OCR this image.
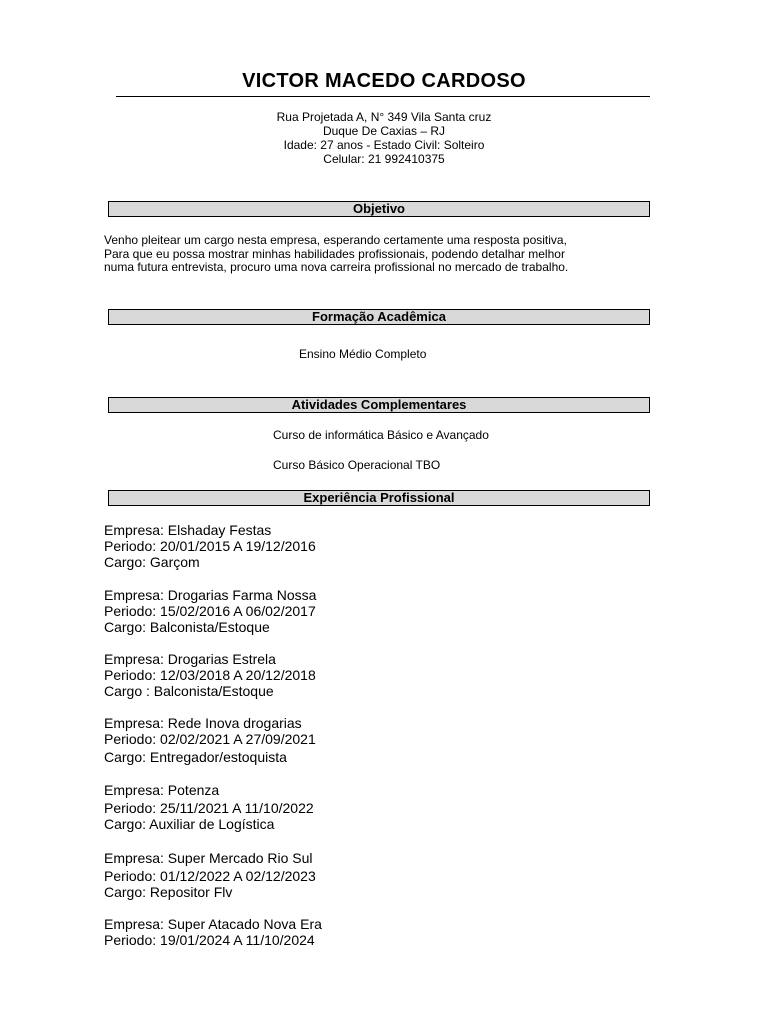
VICTOR MACEDO CARDOSO
Rua Projetada A, N° 349 Vila Santa cruz
Duque De Caxias – RJ
Idade: 27 anos - Estado Civil: Solteiro
Celular: 21 992410375
Objetivo
Venho pleitear um cargo nesta empresa, esperando certamente uma resposta positiva,
Para que eu possa mostrar minhas habilidades profissionais, podendo detalhar melhor
numa futura entrevista, procuro uma nova carreira profissional no mercado de trabalho.
Formação Acadêmica
Ensino Médio Completo
Atividades Complementares
Curso de informática Básico e Avançado
Curso Básico Operacional TBO
Experiência Profissional
Empresa: Elshaday Festas
Periodo: 20/01/2015 A 19/12/2016
Cargo: Garçom
Empresa: Drogarias Farma Nossa
Periodo: 15/02/2016 A 06/02/2017
Cargo: Balconista/Estoque
Empresa: Drogarias Estrela
Periodo: 12/03/2018 A 20/12/2018
Cargo : Balconista/Estoque
Empresa: Rede Inova drogarias
Periodo: 02/02/2021 A 27/09/2021
Cargo: Entregador/estoquista
Empresa: Potenza
Periodo: 25/11/2021 A 11/10/2022
Cargo: Auxiliar de Logística
Empresa: Super Mercado Rio Sul
Periodo: 01/12/2022 A 02/12/2023
Cargo: Repositor Flv
Empresa: Super Atacado Nova Era
Periodo: 19/01/2024 A 11/10/2024
